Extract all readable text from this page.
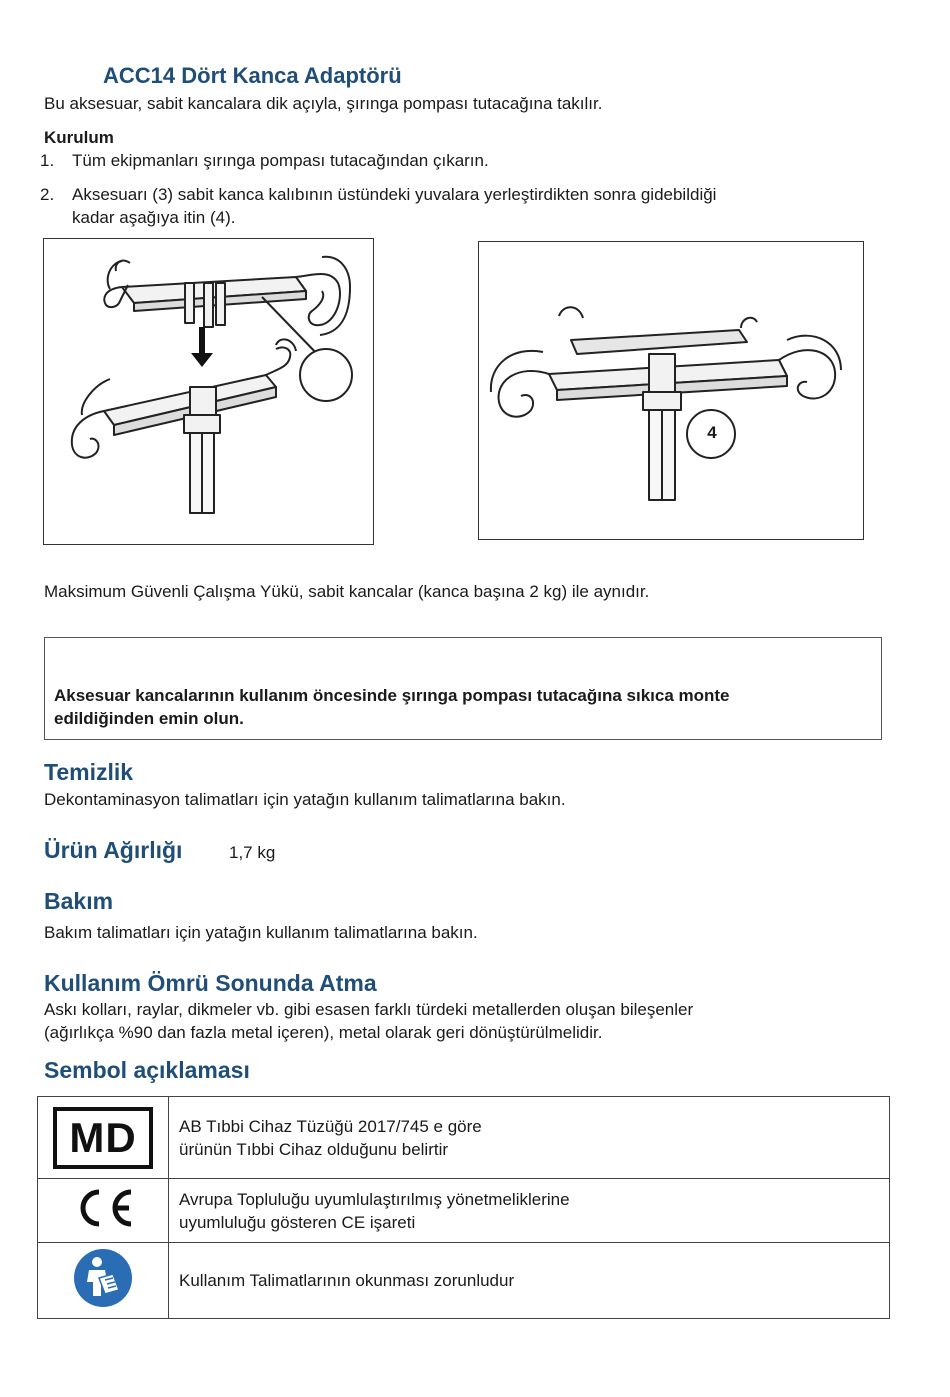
ACC14 Dört Kanca Adaptörü
Bu aksesuar, sabit kancalara dik açıyla, şırınga pompası tutacağına takılır.
Kurulum
1. Tüm ekipmanları şırınga pompası tutacağından çıkarın.
2. Aksesuarı (3) sabit kanca kalıbının üstündeki yuvalara yerleştirdikten sonra gidebildiği
kadar aşağıya itin (4).
4
Maksimum Güvenli Çalışma Yükü, sabit kancalar (kanca başına 2 kg) ile aynıdır.
Aksesuar kancalarının kullanım öncesinde şırınga pompası tutacağına sıkıca monte
edildiğinden emin olun.
Temizlik
Dekontaminasyon talimatları için yatağın kullanım talimatlarına bakın.
Ürün Ağırlığı	1,7 kg
Bakım
Bakım talimatları için yatağın kullanım talimatlarına bakın.
Kullanım Ömrü Sonunda Atma
Askı kolları, raylar, dikmeler vb. gibi esasen farklı türdeki metallerden oluşan bileşenler
(ağırlıkça %90 dan fazla metal içeren), metal olarak geri dönüştürülmelidir.
Sembol açıklaması
MD	AB Tıbbi Cihaz Tüzüğü 2017/745 e göre
ürünün Tıbbi Cihaz olduğunu belirtir

Avrupa Topluluğu uyumlulaştırılmış yönetmeliklerine
uyumluluğu gösteren CE işareti

Kullanım Talimatlarının okunması zorunludur
